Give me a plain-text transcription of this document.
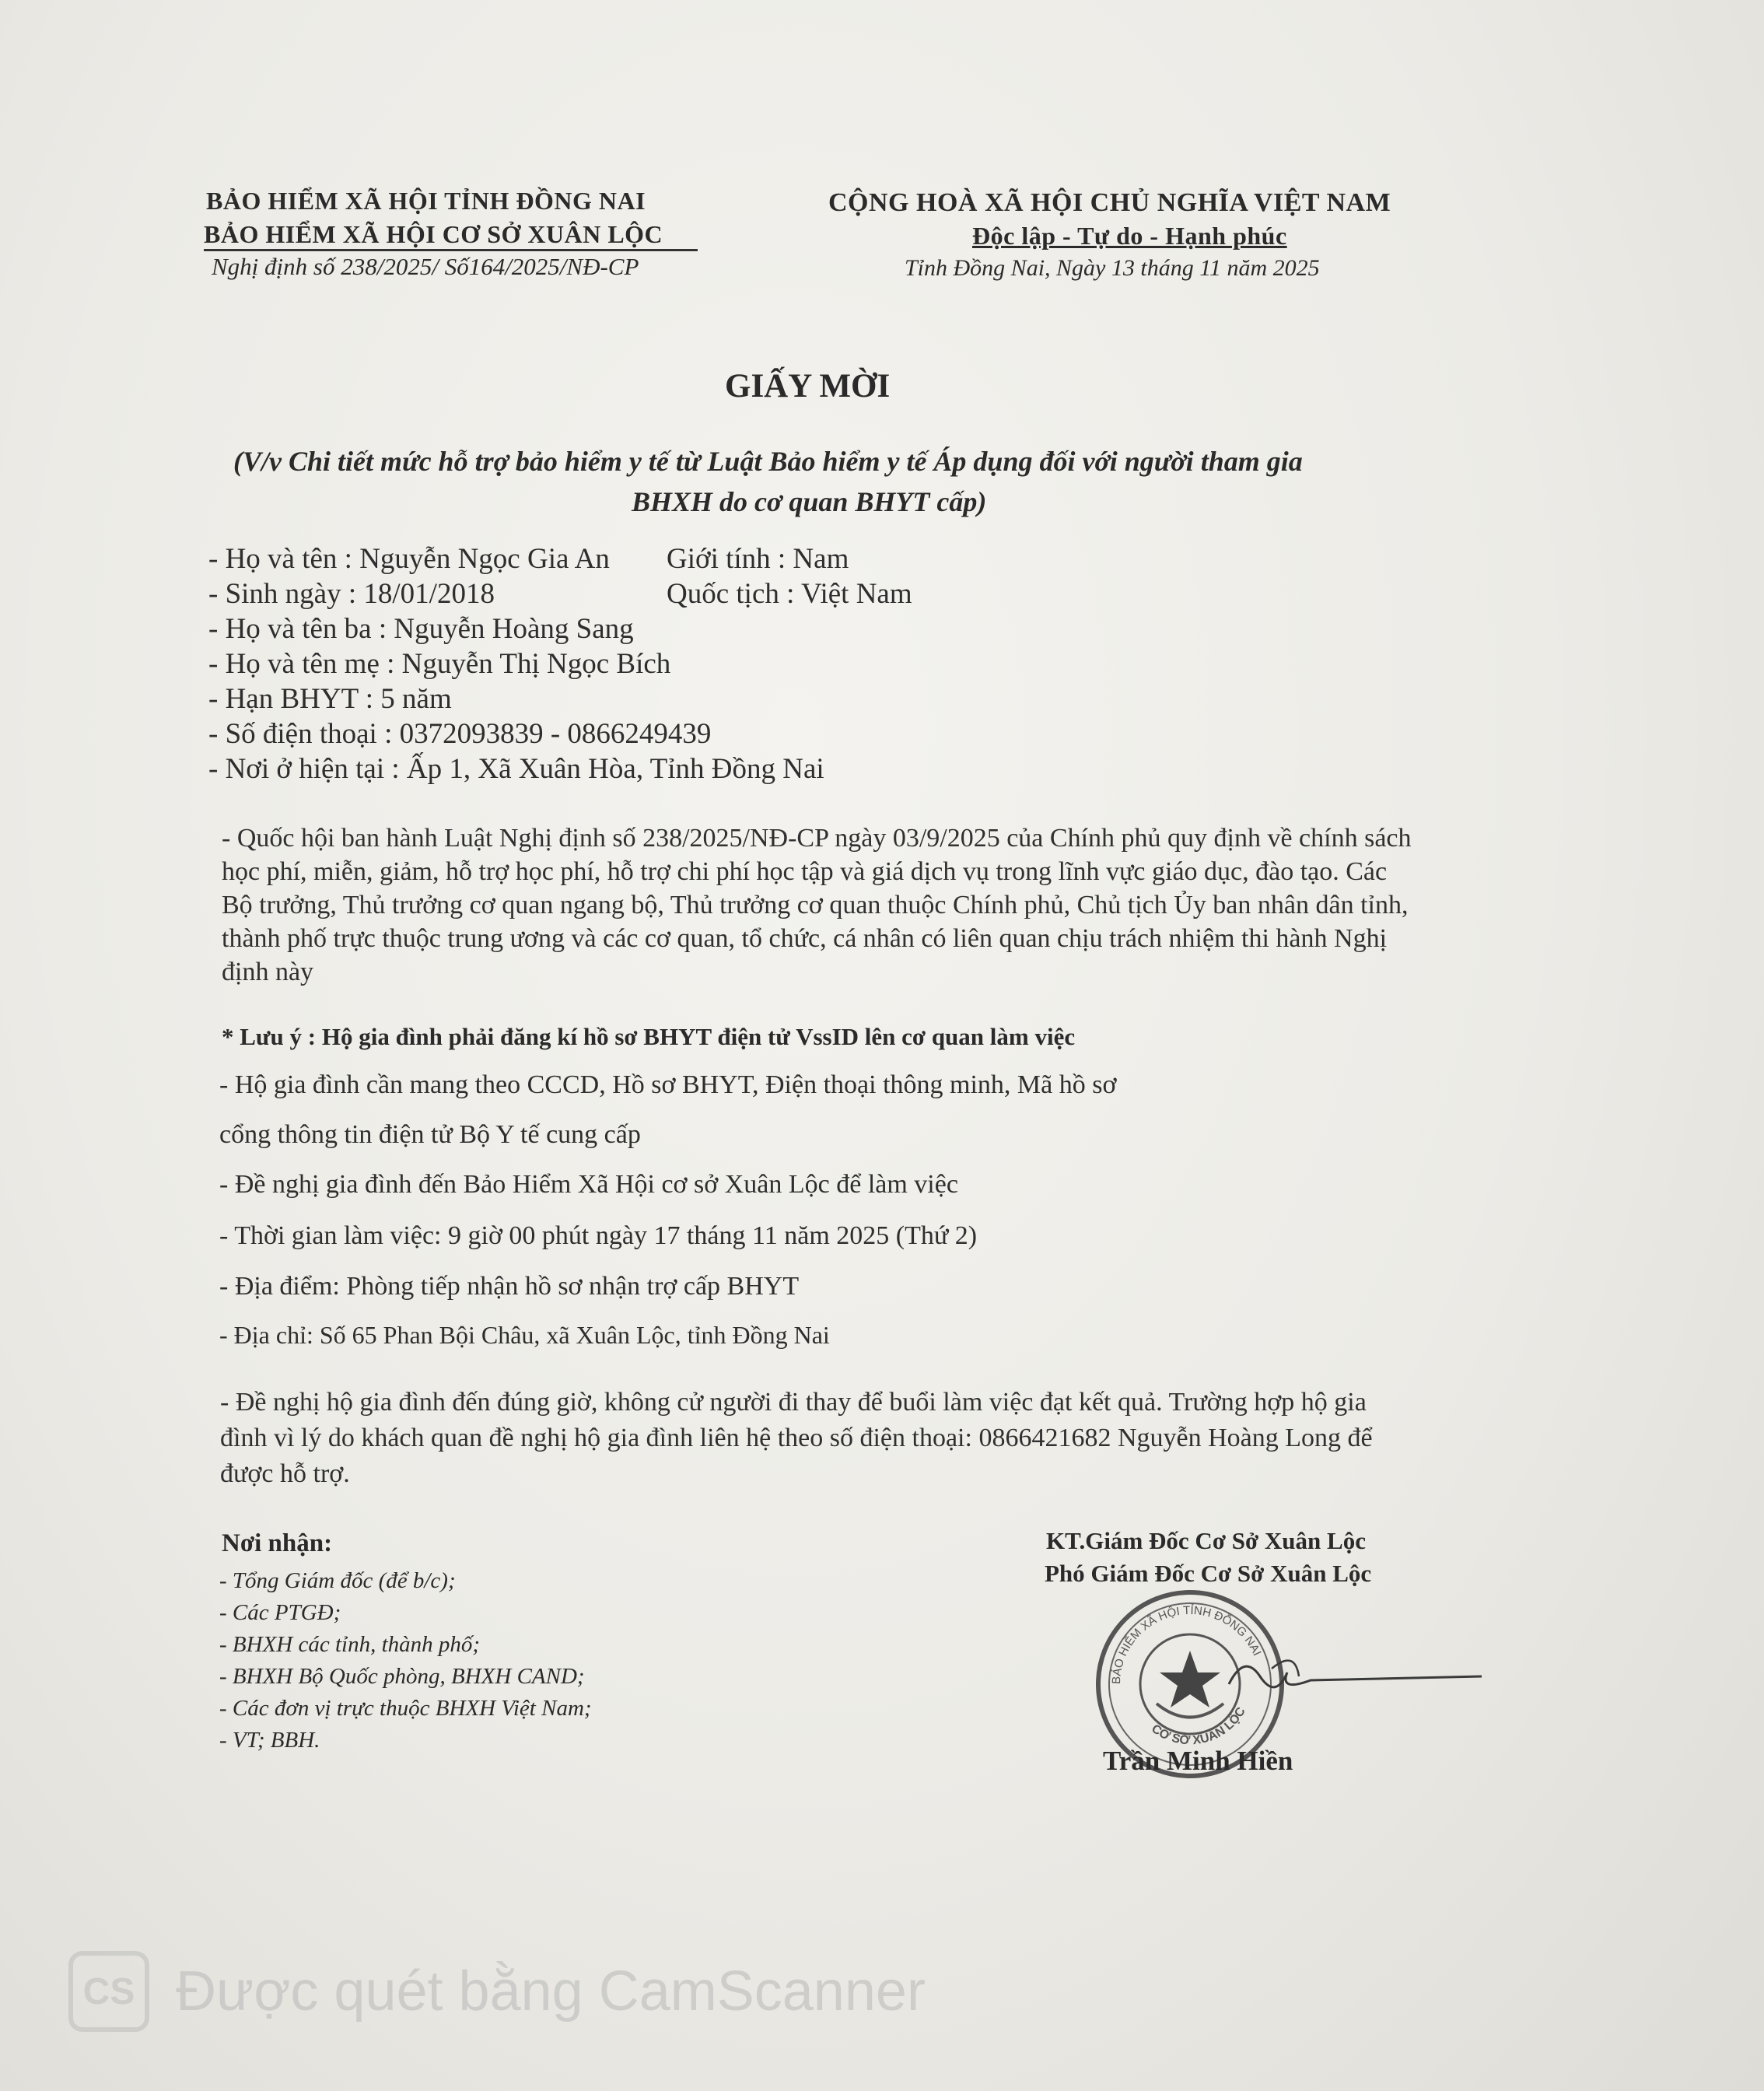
BẢO HIỂM XÃ HỘI TỈNH ĐỒNG NAI
BẢO HIỂM XÃ HỘI CƠ SỞ XUÂN LỘC
Nghị định số 238/2025/ Số164/2025/NĐ-CP
CỘNG HOÀ XÃ HỘI CHỦ NGHĨA VIỆT NAM
Độc lập - Tự do - Hạnh phúc
Tỉnh Đồng Nai, Ngày 13 tháng 11 năm 2025
GIẤY MỜI
(V/v Chi tiết mức hỗ trợ bảo hiểm y tế từ Luật Bảo hiểm y tế Áp dụng đối với người tham gia
BHXH do cơ quan BHYT cấp)
- Họ và tên : Nguyễn Ngọc Gia An Giới tính : Nam
- Sinh ngày : 18/01/2018	Quốc tịch : Việt Nam
- Họ và tên ba : Nguyễn Hoàng Sang
- Họ và tên mẹ : Nguyễn Thị Ngọc Bích
- Hạn BHYT : 5 năm
- Số điện thoại : 0372093839 - 0866249439
- Nơi ở hiện tại : Ấp 1, Xã Xuân Hòa, Tỉnh Đồng Nai
- Quốc hội ban hành Luật Nghị định số 238/2025/NĐ-CP ngày 03/9/2025 của Chính phủ quy định về chính sách học phí, miễn, giảm, hỗ trợ học phí, hỗ trợ chi phí học tập và giá dịch vụ trong lĩnh vực giáo dục, đào tạo. Các Bộ trưởng, Thủ trưởng cơ quan ngang bộ, Thủ trưởng cơ quan thuộc Chính phủ, Chủ tịch Ủy ban nhân dân tỉnh, thành phố trực thuộc trung ương và các cơ quan, tổ chức, cá nhân có liên quan chịu trách nhiệm thi hành Nghị định này
* Lưu ý : Hộ gia đình phải đăng kí hồ sơ BHYT điện tử VssID lên cơ quan làm việc
- Hộ gia đình cần mang theo CCCD, Hồ sơ BHYT, Điện thoại thông minh, Mã hồ sơ
cổng thông tin điện tử Bộ Y tế cung cấp
- Đề nghị gia đình đến Bảo Hiểm Xã Hội cơ sở Xuân Lộc để làm việc
- Thời gian làm việc: 9 giờ 00 phút ngày 17 tháng 11 năm 2025 (Thứ 2)
- Địa điểm: Phòng tiếp nhận hồ sơ nhận trợ cấp BHYT
- Địa chỉ: Số 65 Phan Bội Châu, xã Xuân Lộc, tỉnh Đồng Nai
- Đề nghị hộ gia đình đến đúng giờ, không cử người đi thay để buổi làm việc đạt kết quả. Trường hợp hộ gia đình vì lý do khách quan đề nghị hộ gia đình liên hệ theo số điện thoại: 0866421682 Nguyễn Hoàng Long để được hỗ trợ.
Nơi nhận:
- Tổng Giám đốc (để b/c);
- Các PTGĐ;
- BHXH các tỉnh, thành phố;
- BHXH Bộ Quốc phòng, BHXH CAND;
- Các đơn vị trực thuộc BHXH Việt Nam;
- VT; BBH.
KT.Giám Đốc Cơ Sở Xuân Lộc
Phó Giám Đốc Cơ Sở Xuân Lộc
BẢO HIỂM XÃ HỘI TỈNH ĐỒNG NAI
CƠ SỞ XUÂN LỘC
Trần Minh Hiền
CS Được quét bằng CamScanner
